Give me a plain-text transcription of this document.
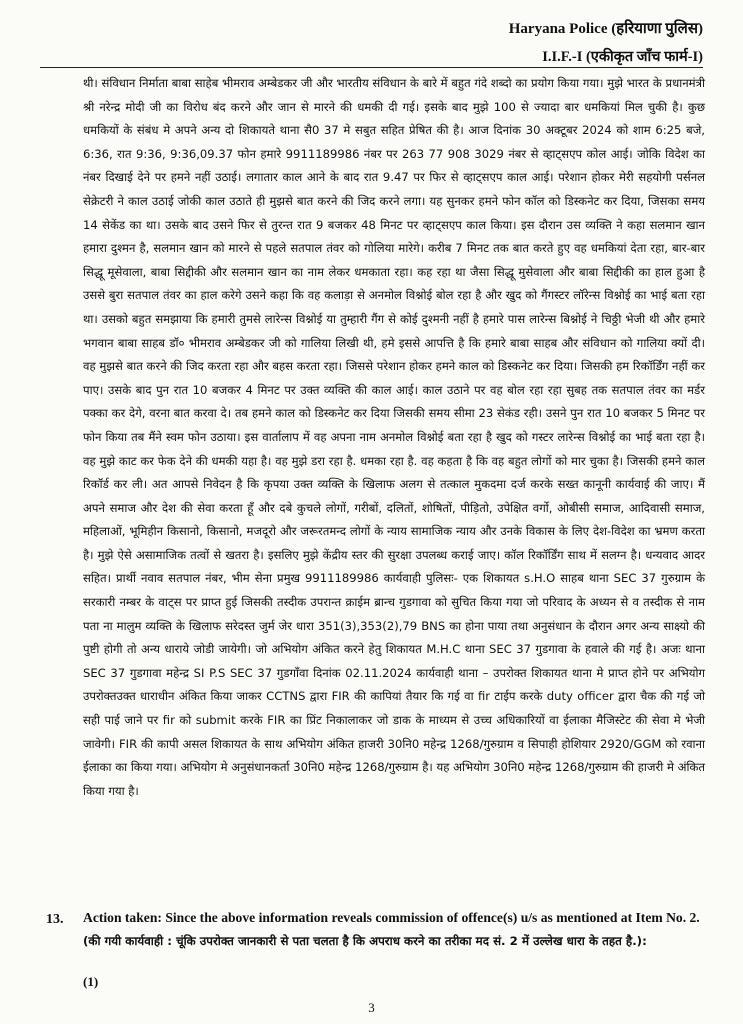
Haryana Police (हरियाणा पुलिस)
I.I.F.-I (एकीकृत जाँच फार्म-I)

थी। संविधान निर्माता बाबा साहेब भीमराव अम्बेडकर जी और भारतीय संविधान के बारे में बहुत गंदे शब्दो का प्रयोग किया गया। मुझे भारत के प्रधानमंत्री श्री नरेन्द्र मोदी जी का विरोध बंद करने और जान से मारने की धमकी दी गई। इसके बाद मुझे 100 से ज्यादा बार धमकियां मिल चुकी है। कुछ धमकियों के संबंध मे अपने अन्य दो शिकायते थाना सै0 37 मे सबुत सहित प्रेषित की है। आज दिनांक 30 अक्टूबर 2024 को शाम 6:25 बजे, 6:36, रात 9:36, 9:36,09.37 फोन हमारे 9911189986 नंबर पर 263 77 908 3029 नंबर से व्हाट्सएप कोल आई। जोकि विदेश का नंबर दिखाई देने पर हमने नहीं उठाई। लगातार काल आने के बाद रात 9.47 पर फिर से व्हाट्सएप काल आई। परेशान होकर मेरी सहयोगी पर्सनल सेक्रेटरी ने काल उठाई जोकी काल उठाते ही मुझसे बात करने की जिद करने लगा। यह सुनकर हमने फोन कॉल को डिस्कनेट कर दिया, जिसका समय 14 सेकेंड का था। उसके बाद उसने फिर से तुरन्त रात 9 बजकर 48 मिनट पर व्हाट्सएप काल किया। इस दौरान उस व्यक्ति ने कहा सलमान खान हमारा दुश्मन है, सलमान खान को मारने से पहले सतपाल तंवर को गोलिया मारेगे। करीब 7 मिनट तक बात करते हुए वह धमकियां देता रहा, बार-बार सिद्धू मूसेवाला, बाबा सिद्दीकी और सलमान खान का नाम लेकर धमकाता रहा। कह रहा था जैसा सिद्धू मुसेवाला और बाबा सिद्दीकी का हाल हुआ है उससे बुरा सतपाल तंवर का हाल करेगे उसने कहा कि वह कलाड़ा से अनमोल विश्नोई बोल रहा है और खुद को गैंगस्टर लॉरेन्स विश्नोई का भाई बता रहा था। उसको बहुत समझाया कि हमारी तुमसे लारेन्स विश्नोई या तुम्हारी गैंग से कोई दुश्मनी नहीं है हमारे पास लारेन्स बिश्नोई ने चिठ्ठी भेजी थी और हमारे भगवान बाबा साहब डॉ० भीमराव अम्बेडकर जी को गालिया लिखी थी, हमे इससे आपत्ति है कि हमारे बाबा साहब और संविधान को गालिया क्यों दी। वह मुझसे बात करने की जिद करता रहा और बहस करता रहा। जिससे परेशान होकर हमने काल को डिस्कनेट कर दिया। जिसकी हम रिकॉर्डिंग नहीं कर पाए। उसके बाद पुन रात 10 बजकर 4 मिनट पर उक्त व्यक्ति की काल आई। काल उठाने पर वह बोल रहा रहा सुबह तक सतपाल तंवर का मर्डर पक्का कर देगे, वरना बात करवा दे। तब हमने काल को डिस्कनेट कर दिया जिसकी समय सीमा 23 सेकंड रही। उसने पुन रात 10 बजकर 5 मिनट पर फोन किया तब मैंने स्वम फोन उठाया। इस वार्तालाप में वह अपना नाम अनमोल विश्नोई बता रहा है खुद को गस्टर लारेन्स विश्नोई का भाई बता रहा है। वह मुझे काट कर फेक देने की धमकी यहा है। वह मुझे डरा रहा है. धमका रहा है. वह कहता है कि वह बहुत लोगों को मार चुका है। जिसकी हमने काल रिकॉर्ड कर ली। अत आपसे निवेदन है कि कृपया उक्त व्यक्ति के खिलाफ अलग से तत्काल मुकदमा दर्ज करके सख्त कानूनी कार्यवाई की जाए। मैं अपने समाज और देश की सेवा करता हूँ और दबे कुचले लोगों, गरीबों, दलितों, शोषितों, पीड़ितो, उपेक्षित वर्गो, ओबीसी समाज, आदिवासी समाज, महिलाओं, भूमिहीन किसानो, किसानो, मजदूरो और जरूरतमन्द लोगों के न्याय सामाजिक न्याय और उनके विकास के लिए देश-विदेश का भ्रमण करता है। मुझे ऐसे असामाजिक तत्वों से खतरा है। इसलिए मुझे केंद्रीय स्तर की सुरक्षा उपलब्ध कराई जाए। कॉल रिकॉर्डिंग साथ में सलग्न है। धन्यवाद आदर सहित। प्रार्थी नवाव सतपाल नंबर, भीम सेना प्रमुख 9911189986 कार्यवाही पुलिसः- एक शिकायत s.H.O साहब थाना SEC 37 गुरुग्राम के सरकारी नम्बर के वाट्स पर प्राप्त हुई जिसकी तस्दीक उपरान्त क्राईम ब्रान्च गुडगावा को सुचित किया गया जो परिवाद के अध्यन से व तस्दीक से नाम पता ना मालुम व्यक्ति के खिलाफ सरेदस्त जुर्म जेर धारा 351(3),353(2),79 BNS का होना पाया तथा अनुसंधान के दौरान अगर अन्य साक्ष्यो की पुष्टी होगी तो अन्य धाराये जोडी जायेगी। जो अभियोग अंकित करने हेतु शिकायत M.H.C थाना SEC 37 गुडगावा के हवाले की गई है। अजः थाना SEC 37 गुडगावा महेन्द्र SI P.S SEC 37 गुडगाँवा दिनांक 02.11.2024 कार्यवाही थाना – उपरोक्त शिकायत थाना मे प्राप्त होने पर अभियोग उपरोक्तउक्त धाराधीन अंकित किया जाकर CCTNS द्वारा FIR की कापियां तैयार कि गई वा fir टाईप करके duty officer द्वारा चैक की गई जो सही पाई जाने पर fir को submit करके FIR का प्रिंट निकालाकर जो डाक के माध्यम से उच्च अधिकारियों वा ईलाका मैजिस्टेट की सेवा मे भेजी जावेगी। FIR की कापी असल शिकायत के साथ अभियोग अंकित हाजरी 30नि0 महेन्द्र 1268/गुरुग्राम व सिपाही होशियार 2920/GGM को रवाना ईलाका का किया गया। अभियोग मे अनुसंधानकर्ता 30नि0 महेन्द्र 1268/गुरुग्राम है। यह अभियोग 30नि0 महेन्द्र 1268/गुरुग्राम की हाजरी मे अंकित किया गया है।

13. Action taken: Since the above information reveals commission of offence(s) u/s as mentioned at Item No. 2.
(की गयी कार्यवाही : चूंकि उपरोक्त जानकारी से पता चलता है कि अपराध करने का तरीका मद सं. 2 में उल्लेख धारा के तहत है.):
(1)
3
